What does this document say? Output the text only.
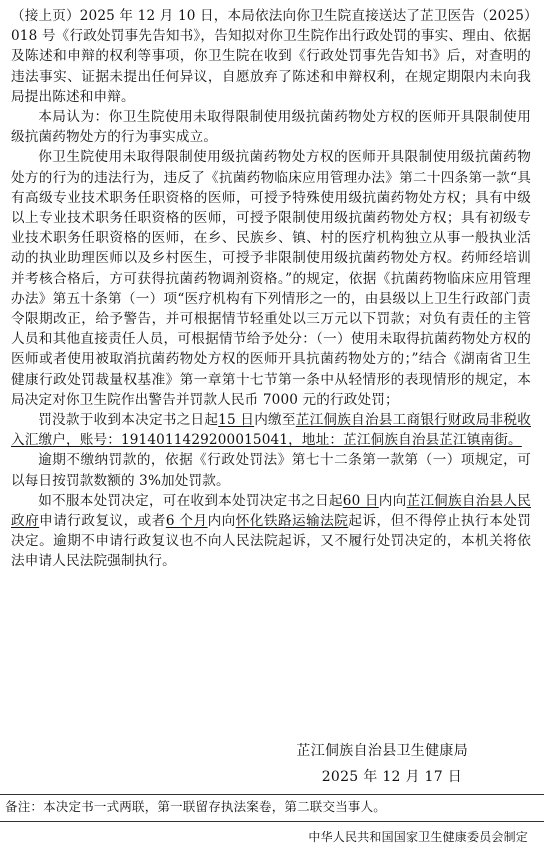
（接上页）2025 年 12 月 10 日，本局依法向你卫生院直接送达了芷卫医告（2025）018 号《行政处罚事先告知书》，告知拟对你卫生院作出行政处罚的事实、理由、依据及陈述和申辩的权利等事项，你卫生院在收到《行政处罚事先告知书》后，对查明的违法事实、证据未提出任何异议，自愿放弃了陈述和申辩权利，在规定期限内未向我局提出陈述和申辩。

本局认为：你卫生院使用未取得限制使用级抗菌药物处方权的医师开具限制使用级抗菌药物处方的行为事实成立。

你卫生院使用未取得限制使用级抗菌药物处方权的医师开具限制使用级抗菌药物处方的行为的违法行为，违反了《抗菌药物临床应用管理办法》第二十四条第一款“具有高级专业技术职务任职资格的医师，可授予特殊使用级抗菌药物处方权；具有中级以上专业技术职务任职资格的医师，可授予限制使用级抗菌药物处方权；具有初级专业技术职务任职资格的医师，在乡、民族乡、镇、村的医疗机构独立从事一般执业活动的执业助理医师以及乡村医生，可授予非限制使用级抗菌药物处方权。药师经培训并考核合格后，方可获得抗菌药物调剂资格。”的规定，依据《抗菌药物临床应用管理办法》第五十条第（一）项“医疗机构有下列情形之一的，由县级以上卫生行政部门责令限期改正，给予警告，并可根据情节轻重处以三万元以下罚款；对负有责任的主管人员和其他直接责任人员，可根据情节给予处分：（一）使用未取得抗菌药物处方权的医师或者使用被取消抗菌药物处方权的医师开具抗菌药物处方的；”结合《湖南省卫生健康行政处罚裁量权基准》第一章第十七节第一条中从轻情形的表现情形的规定，本局决定对你卫生院作出警告并罚款人民币 7000 元的行政处罚；

罚没款于收到本决定书之日起15 日内缴至芷江侗族自治县工商银行财政局非税收入汇缴户，账号：19140114292000150​41，地址：芷江侗族自治县芷江镇南街。

逾期不缴纳罚款的，依据《行政处罚法》第七十二条第一款第（一）项规定，可以每日按罚款数额的 3%加处罚款。

如不服本处罚决定，可在收到本处罚决定书之日起60 日内向芷江侗族自治县人民政府申请行政复议，或者6 个月内向怀化铁路运输法院起诉，但不得停止执行本处罚决定。逾期不申请行政复议也不向人民法院起诉，又不履行处罚决定的，本机关将依法申请人民法院强制执行。

芷江侗族自治县卫生健康局
2025 年 12 月 17 日
备注：本决定书一式两联，第一联留存执法案卷，第二联交当事人。
中华人民共和国国家卫生健康委员会制定
